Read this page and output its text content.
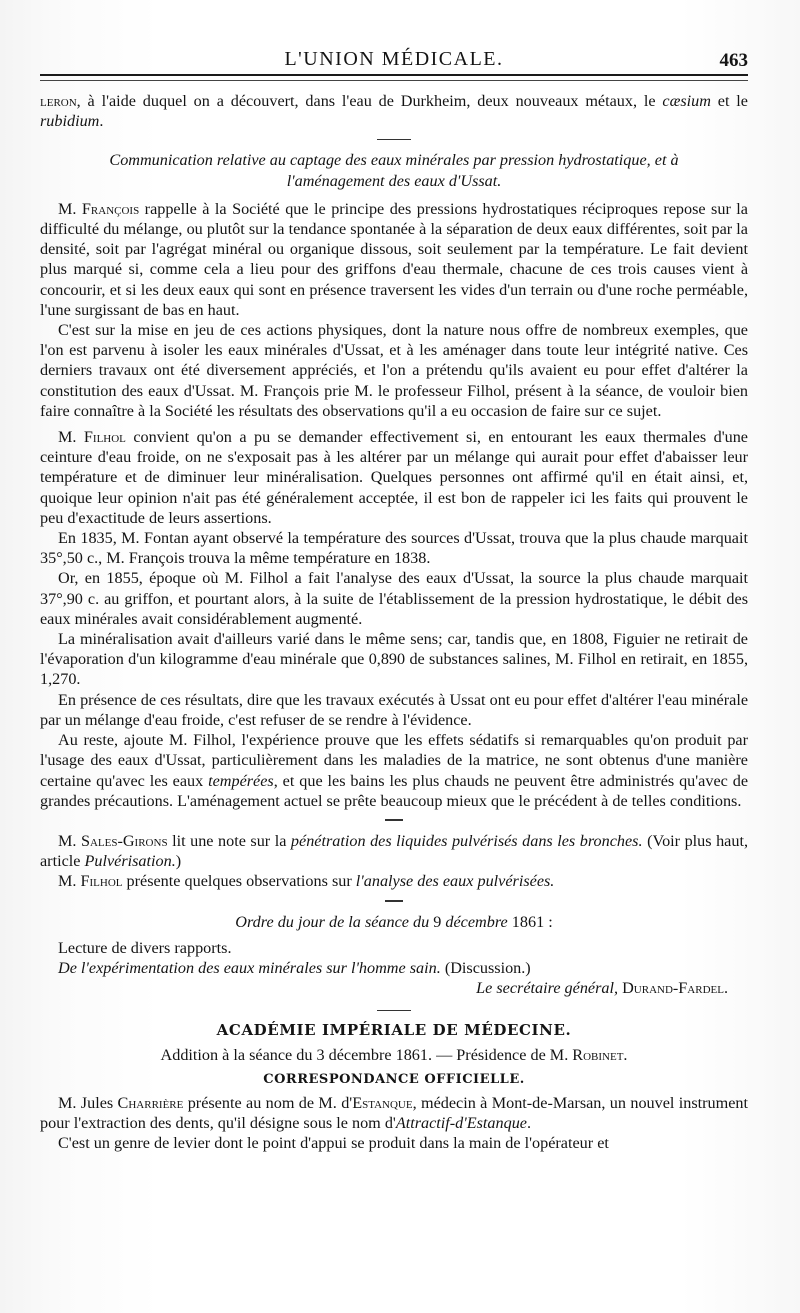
L'UNION MÉDICALE.	463

leron, à l'aide duquel on a découvert, dans l'eau de Durkheim, deux nouveaux métaux, le cæsium et le rubidium.

Communication relative au captage des eaux minérales par pression hydrostatique, et à

l'aménagement des eaux d'Ussat.

M. François rappelle à la Société que le principe des pressions hydrostatiques réciproques repose sur la difficulté du mélange, ou plutôt sur la tendance spontanée à la séparation de deux eaux différentes, soit par la densité, soit par l'agrégat minéral ou organique dissous, soit seulement par la température. Le fait devient plus marqué si, comme cela a lieu pour des griffons d'eau thermale, chacune de ces trois causes vient à concourir, et si les deux eaux qui sont en présence traversent les vides d'un terrain ou d'une roche perméable, l'une surgissant de bas en haut.

C'est sur la mise en jeu de ces actions physiques, dont la nature nous offre de nombreux exemples, que l'on est parvenu à isoler les eaux minérales d'Ussat, et à les aménager dans toute leur intégrité native. Ces derniers travaux ont été diversement appréciés, et l'on a prétendu qu'ils avaient eu pour effet d'altérer la constitution des eaux d'Ussat. M. François prie M. le professeur Filhol, présent à la séance, de vouloir bien faire connaître à la Société les résultats des observations qu'il a eu occasion de faire sur ce sujet.

M. Filhol convient qu'on a pu se demander effectivement si, en entourant les eaux thermales d'une ceinture d'eau froide, on ne s'exposait pas à les altérer par un mélange qui aurait pour effet d'abaisser leur température et de diminuer leur minéralisation. Quelques personnes ont affirmé qu'il en était ainsi, et, quoique leur opinion n'ait pas été généralement acceptée, il est bon de rappeler ici les faits qui prouvent le peu d'exactitude de leurs assertions.

En 1835, M. Fontan ayant observé la température des sources d'Ussat, trouva que la plus chaude marquait 35°,50 c., M. François trouva la même température en 1838.

Or, en 1855, époque où M. Filhol a fait l'analyse des eaux d'Ussat, la source la plus chaude marquait 37°,90 c. au griffon, et pourtant alors, à la suite de l'établissement de la pression hydrostatique, le débit des eaux minérales avait considérablement augmenté.

La minéralisation avait d'ailleurs varié dans le même sens; car, tandis que, en 1808, Figuier ne retirait de l'évaporation d'un kilogramme d'eau minérale que 0,890 de substances salines, M. Filhol en retirait, en 1855, 1,270.

En présence de ces résultats, dire que les travaux exécutés à Ussat ont eu pour effet d'altérer l'eau minérale par un mélange d'eau froide, c'est refuser de se rendre à l'évidence.

Au reste, ajoute M. Filhol, l'expérience prouve que les effets sédatifs si remarquables qu'on produit par l'usage des eaux d'Ussat, particulièrement dans les maladies de la matrice, ne sont obtenus d'une manière certaine qu'avec les eaux tempérées, et que les bains les plus chauds ne peuvent être administrés qu'avec de grandes précautions. L'aménagement actuel se prête beaucoup mieux que le précédent à de telles conditions.

M. Sales-Girons lit une note sur la pénétration des liquides pulvérisés dans les bronches. (Voir plus haut, article Pulvérisation.)

M. Filhol présente quelques observations sur l'analyse des eaux pulvérisées.

Ordre du jour de la séance du 9 décembre 1861 :

Lecture de divers rapports.

De l'expérimentation des eaux minérales sur l'homme sain. (Discussion.)

Le secrétaire général, Durand-Fardel.

ACADÉMIE IMPÉRIALE DE MÉDECINE.

Addition à la séance du 3 décembre 1861. — Présidence de M. Robinet.

CORRESPONDANCE OFFICIELLE.

M. Jules Charrière présente au nom de M. d'Estanque, médecin à Mont-de-Marsan, un nouvel instrument pour l'extraction des dents, qu'il désigne sous le nom d'Attractif-d'Estanque.

C'est un genre de levier dont le point d'appui se produit dans la main de l'opérateur et
